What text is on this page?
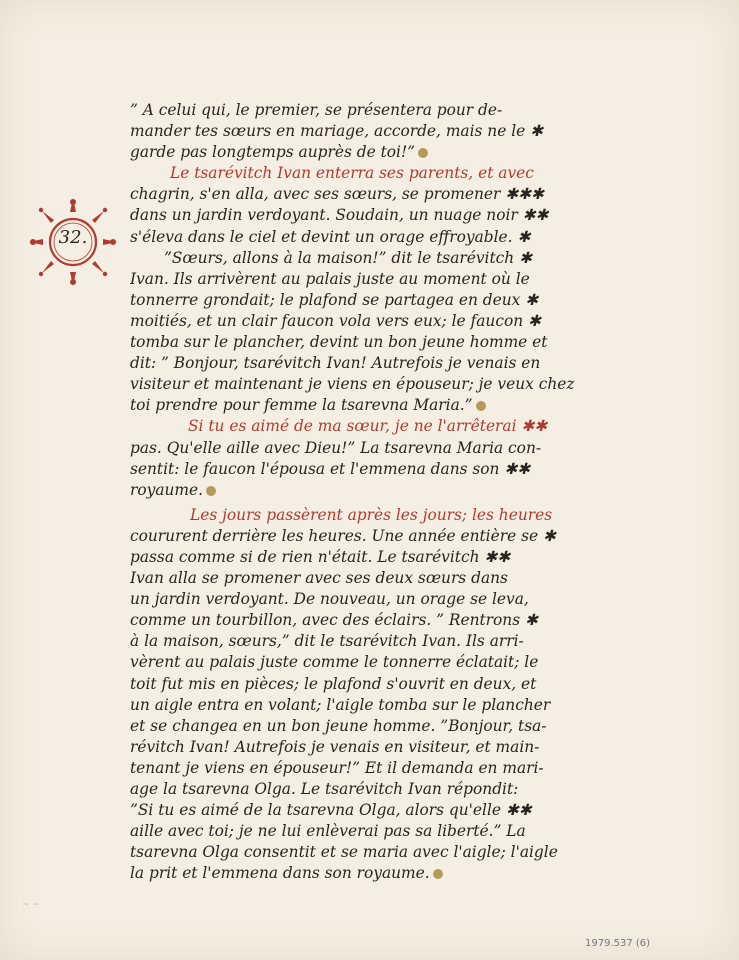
32.
” A celui qui, le premier, se présentera pour de-
mander tes sœurs en mariage, accorde, mais ne le ✱
garde pas longtemps auprès de toi!”
Le tsarévitch Ivan enterra ses parents, et avec
chagrin, s'en alla, avec ses sœurs, se promener ✱✱✱
dans un jardin verdoyant. Soudain, un nuage noir ✱✱
s'éleva dans le ciel et devint un orage effroyable. ✱
”Sœurs, allons à la maison!” dit le tsarévitch ✱
Ivan. Ils arrivèrent au palais juste au moment où le
tonnerre grondait; le plafond se partagea en deux ✱
moitiés, et un clair faucon vola vers eux; le faucon ✱
tomba sur le plancher, devint un bon jeune homme et
dit: ” Bonjour, tsarévitch Ivan! Autrefois je venais en
visiteur et maintenant je viens en épouseur; je veux chez
toi prendre pour femme la tsarevna Maria.”
Si tu es aimé de ma sœur, je ne l'arrêterai ✱✱
pas. Qu'elle aille avec Dieu!” La tsarevna Maria con-
sentit: le faucon l'épousa et l'emmena dans son ✱✱
royaume.
Les jours passèrent après les jours; les heures
coururent derrière les heures. Une année entière se ✱
passa comme si de rien n'était. Le tsarévitch ✱✱
Ivan alla se promener avec ses deux sœurs dans
un jardin verdoyant. De nouveau, un orage se leva,
comme un tourbillon, avec des éclairs. ” Rentrons ✱
à la maison, sœurs,” dit le tsarévitch Ivan. Ils arri-
vèrent au palais juste comme le tonnerre éclatait; le
toit fut mis en pièces; le plafond s'ouvrit en deux, et
un aigle entra en volant; l'aigle tomba sur le plancher
et se changea en un bon jeune homme. ”Bonjour, tsa-
révitch Ivan! Autrefois je venais en visiteur, et main-
tenant je viens en épouseur!” Et il demanda en mari-
age la tsarevna Olga. Le tsarévitch Ivan répondit:
”Si tu es aimé de la tsarevna Olga, alors qu'elle ✱✱
aille avec toi; je ne lui enlèverai pas sa liberté.” La
tsarevna Olga consentit et se maria avec l'aigle; l'aigle
la prit et l'emmena dans son royaume.
~ ~
1979.537 (6)
